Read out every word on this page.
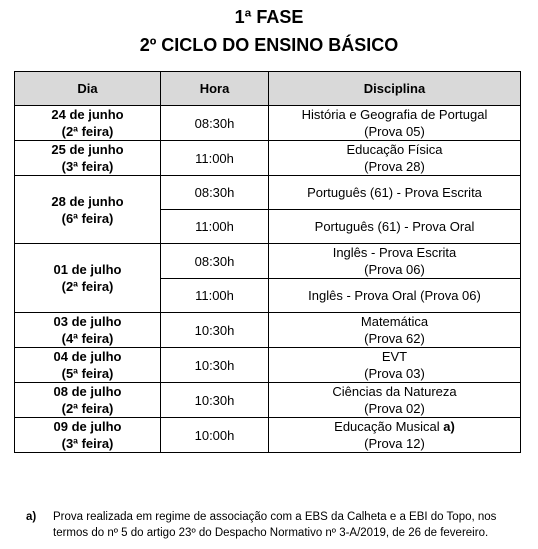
1ª FASE
2º CICLO DO ENSINO BÁSICO
Dia	Hora	Disciplina

24 de junho
(2ª feira)	08:30h	História e Geografia de Portugal
(Prova 05)

25 de junho
(3ª feira)	11:00h	Educação Física
(Prova 28)

28 de junho
(6ª feira)	08:30h	Português (61) - Prova Escrita

	11:00h	Português (61) - Prova Oral

01 de julho
(2ª feira)	08:30h	Inglês - Prova Escrita
(Prova 06)

	11:00h	Inglês - Prova Oral (Prova 06)

03 de julho
(4ª feira)	10:30h	Matemática
(Prova 62)

04 de julho
(5ª feira)	10:30h	EVT
(Prova 03)

08 de julho
(2ª feira)	10:30h	Ciências da Natureza
(Prova 02)

09 de julho
(3ª feira)	10:00h	Educação Musical a)
(Prova 12)
a) Prova realizada em regime de associação com a EBS da Calheta e a EBI do Topo, nos termos do nº 5 do artigo 23º do Despacho Normativo nº 3-A/2019, de 26 de fevereiro.
